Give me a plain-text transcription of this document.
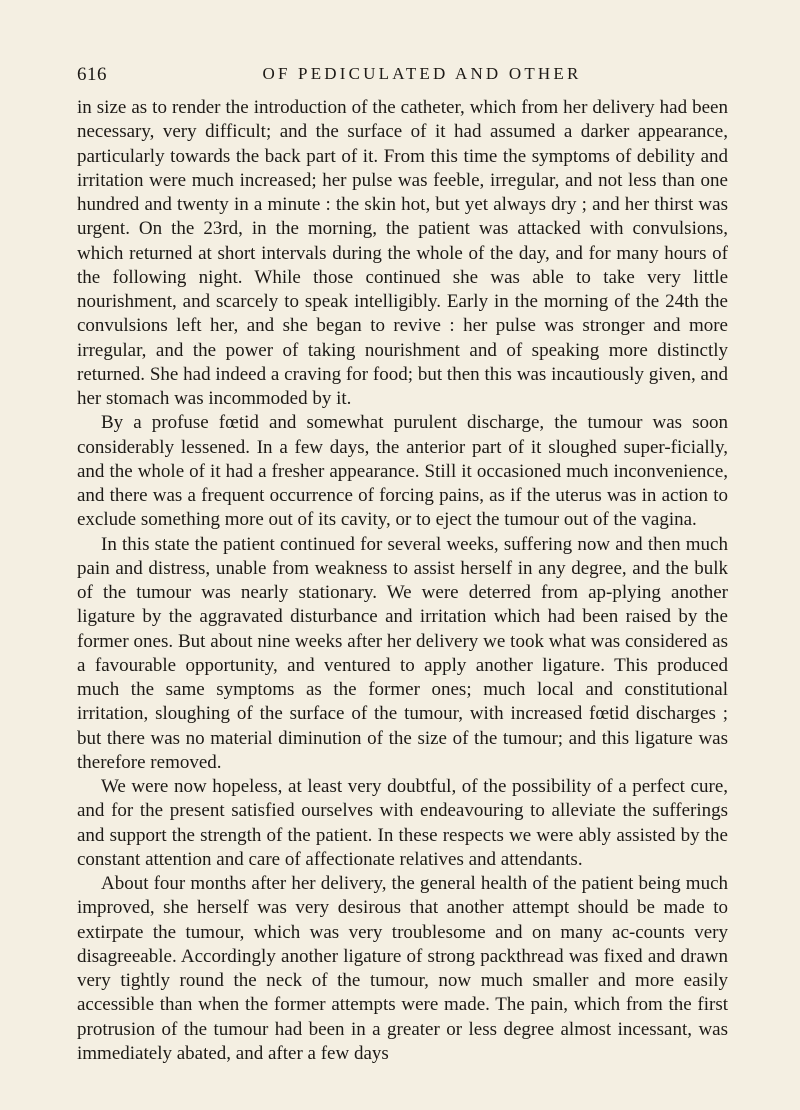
616	OF PEDICULATED AND OTHER

in size as to render the introduction of the catheter, which from her delivery had been necessary, very difficult; and the surface of it had assumed a darker appearance, particularly towards the back part of it. From this time the symptoms of debility and irritation were much increased; her pulse was feeble, irregular, and not less than one hundred and twenty in a minute : the skin hot, but yet always dry ; and her thirst was urgent. On the 23rd, in the morning, the patient was attacked with convulsions, which returned at short intervals during the whole of the day, and for many hours of the following night. While those continued she was able to take very little nourishment, and scarcely to speak intelligibly. Early in the morning of the 24th the convulsions left her, and she began to revive : her pulse was stronger and more irregular, and the power of taking nourishment and of speaking more distinctly returned. She had indeed a craving for food; but then this was incautiously given, and her stomach was incommoded by it.

By a profuse fœtid and somewhat purulent discharge, the tumour was soon considerably lessened. In a few days, the anterior part of it sloughed super-ficially, and the whole of it had a fresher appearance. Still it occasioned much inconvenience, and there was a frequent occurrence of forcing pains, as if the uterus was in action to exclude something more out of its cavity, or to eject the tumour out of the vagina.

In this state the patient continued for several weeks, suffering now and then much pain and distress, unable from weakness to assist herself in any degree, and the bulk of the tumour was nearly stationary. We were deterred from ap-plying another ligature by the aggravated disturbance and irritation which had been raised by the former ones. But about nine weeks after her delivery we took what was considered as a favourable opportunity, and ventured to apply another ligature. This produced much the same symptoms as the former ones; much local and constitutional irritation, sloughing of the surface of the tumour, with increased fœtid discharges ; but there was no material diminution of the size of the tumour; and this ligature was therefore removed.

We were now hopeless, at least very doubtful, of the possibility of a perfect cure, and for the present satisfied ourselves with endeavouring to alleviate the sufferings and support the strength of the patient. In these respects we were ably assisted by the constant attention and care of affectionate relatives and attendants.

About four months after her delivery, the general health of the patient being much improved, she herself was very desirous that another attempt should be made to extirpate the tumour, which was very troublesome and on many ac-counts very disagreeable. Accordingly another ligature of strong packthread was fixed and drawn very tightly round the neck of the tumour, now much smaller and more easily accessible than when the former attempts were made. The pain, which from the first protrusion of the tumour had been in a greater or less degree almost incessant, was immediately abated, and after a few days
